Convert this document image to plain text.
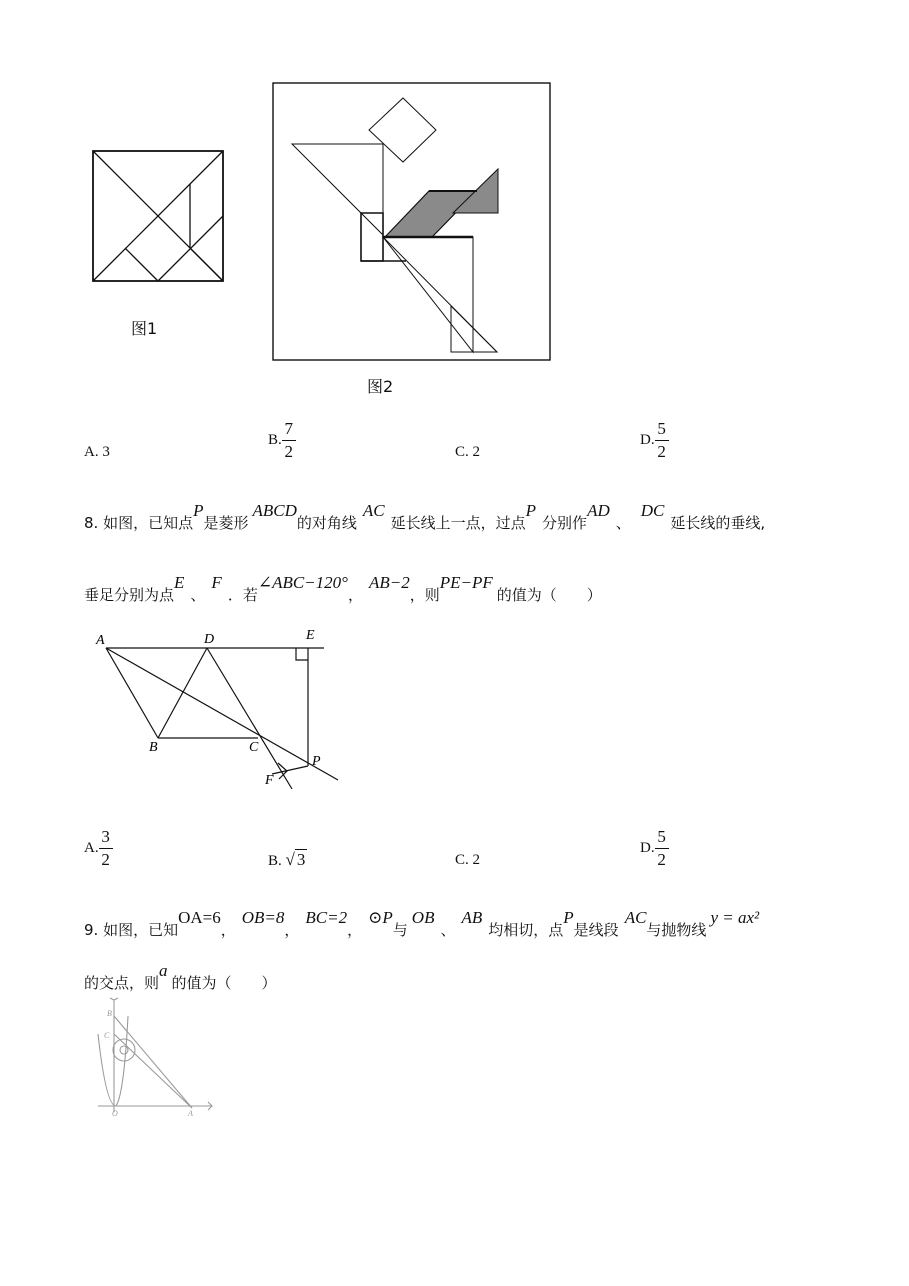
图1
图2
A. 3
B. $\frac{7}{2}$	C. 2
D. $\frac{5}{2}$
8. 如图，已知点P是菱形ABCD的对角线AC延长线上一点，过点P分别作AD、DC延长线的垂线,
垂足分别为点E、F．若∠ABC−120°，AB−2，则PE−PF的值为（　　）
A	D	E
B	C
P
F
A. $\frac{3}{2}$	B. √ 3	C. 2
D. $\frac{5}{2}$
9. 如图，已知OA=6，OB=8，BC=2，⊙P与OB、AB均相切，点P是线段AC与抛物线y = ax²
的交点，则a的值为（　　）
B
C
O	A
